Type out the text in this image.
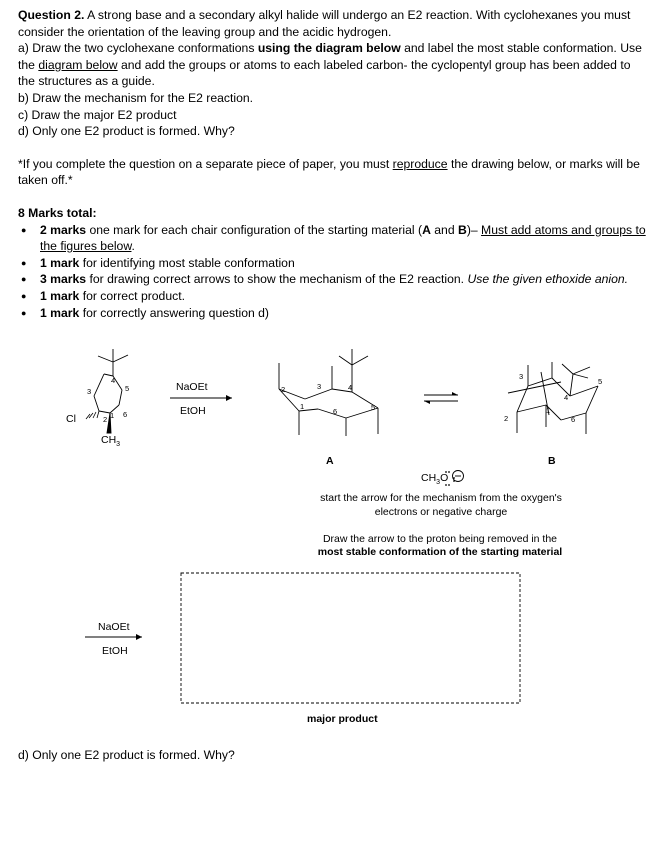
Question 2. A strong base and a secondary alkyl halide will undergo an E2 reaction. With cyclohexanes you must consider the orientation of the leaving group and the acidic hydrogen.

a) Draw the two cyclohexane conformations using the diagram below and label the most stable conformation. Use the diagram below and add the groups or atoms to each labeled carbon- the cyclopentyl group has been added to the structures as a guide.

b) Draw the mechanism for the E2 reaction.

c) Draw the major E2 product

d) Only one E2 product is formed. Why?

*If you complete the question on a separate piece of paper, you must reproduce the drawing below, or marks will be taken off.*

8 Marks total:

● 2 marks one mark for each chair configuration of the starting material (A and B)– Must add atoms and groups to the figures below.
● 1 mark for identifying most stable conformation
● 3 marks for drawing correct arrows to show the mechanism of the E2 reaction. Use the given ethoxide anion.
● 1 mark for correct product.
● 1 mark for correctly answering question d)
3
4
5
6
2 1
Cl
$CH_3$
NaOEt
EtOH
2	3	4
5
6
1
3
4
5
6
1
2
A	B
$CH_3O$
start the arrow for the mechanism from the oxygen's electrons or negative charge
Draw the arrow to the proton being removed in the
most stable conformation of the starting material
NaOEt
EtOH
major product
d) Only one E2 product is formed. Why?
